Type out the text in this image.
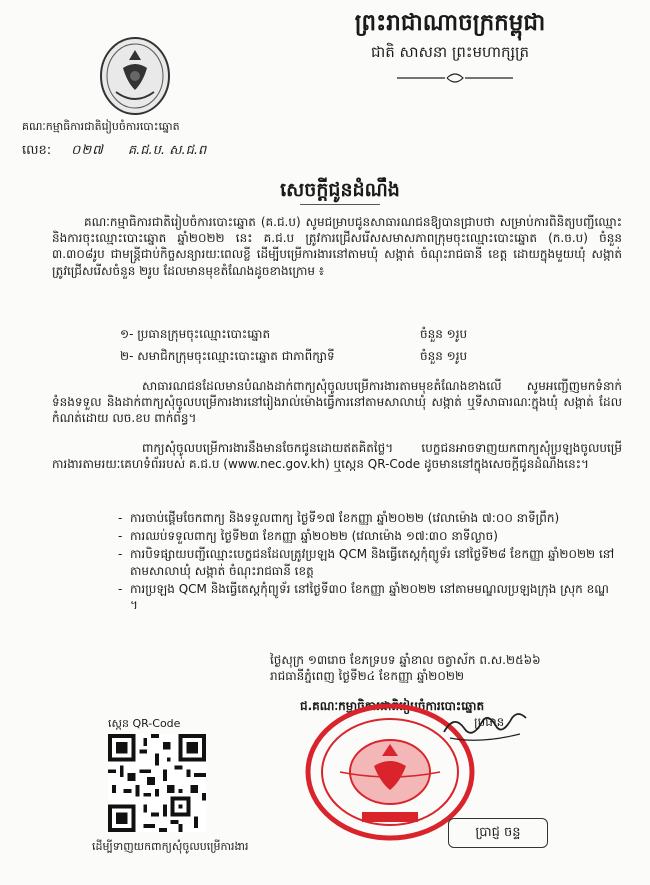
ព្រះរាជាណាចក្រកម្ពុជា
ជាតិ សាសនា ព្រះមហាក្សត្រ
គណៈកម្មាធិការជាតិរៀបចំការបោះឆ្នោត
លេខ: ០២៧ គ.ជ.ប. ស.ជ.ព
សេចក្តីជូនដំណឹង
គណៈកម្មាធិការជាតិរៀបចំការបោះឆ្នោត (គ.ជ.ប) សូមជម្រាបជូនសាធារណជនឱ្យបានជ្រាបថា សម្រាប់ការពិនិត្យបញ្ជីឈ្មោះ និងការចុះឈ្មោះបោះឆ្នោត ឆ្នាំ២០២២ នេះ គ.ជ.ប ត្រូវការជ្រើសរើសសមាសភាពក្រុមចុះឈ្មោះបោះឆ្នោត (ក.ច.ប) ចំនួន ៣.៣០៨រូប ជាមន្ត្រីជាប់កិច្ចសន្យារយៈពេលខ្លី ដើម្បីបម្រើការងារនៅតាមឃុំ សង្កាត់ ចំណុះរាជធានី ខេត្ត ដោយក្នុងមួយឃុំ សង្កាត់ ត្រូវជ្រើសរើសចំនួន ២រូប ដែលមានមុខតំណែងដូចខាងក្រោម ៖
១- ប្រធានក្រុមចុះឈ្មោះបោះឆ្នោត	ចំនួន ១រូប
២- សមាជិកក្រុមចុះឈ្មោះបោះឆ្នោត ជាភាពីក្សាទី	ចំនួន ១រូប
សាធារណជនដែលមានបំណងដាក់ពាក្យសុំចូលបម្រើការងារតាមមុខតំណែងខាងលើ សូមអញ្ជើញមកទំនាក់ទំនងទទួល និងដាក់ពាក្យសុំចូលបម្រើការងារនៅរៀងរាល់ម៉ោងធ្វើការនៅតាមសាលាឃុំ សង្កាត់ ឬទីសាធារណៈក្នុងឃុំ សង្កាត់ ដែលកំណត់ដោយ លច.ខប ពាក់ព័ន្ធ។
ពាក្យសុំចូលបម្រើការងារនឹងមានចែកជូនដោយឥតគិតថ្លៃ។ បេក្ខជនអាចទាញយកពាក្យសុំប្រឡងចូលបម្រើការងារតាមរយៈគេហទំព័ររបស់ គ.ជ.ប (www.nec.gov.kh) ឬស្កេន QR-Code ដូចមាននៅក្នុងសេចក្តីជូនដំណឹងនេះ។
- ការចាប់ផ្តើមចែកពាក្យ និងទទួលពាក្យ ថ្ងៃទី១៧ ខែកញ្ញា ឆ្នាំ២០២២ (វេលាម៉ោង ៧:០០ នាទីព្រឹក)
- ការឈប់ទទួលពាក្យ ថ្ងៃទី២៣ ខែកញ្ញា ឆ្នាំ២០២២ (វេលាម៉ោង ១៧:៣០ នាទីល្ងាច)
- ការបិទផ្សាយបញ្ជីឈ្មោះបេក្ខជនដែលត្រូវប្រឡង QCM និងធ្វើតេស្តកុំព្យូទ័រ នៅថ្ងៃទី២៨ ខែកញ្ញា ឆ្នាំ២០២២ នៅតាមសាលាឃុំ សង្កាត់ ចំណុះរាជធានី ខេត្ត
- ការប្រឡង QCM និងធ្វើតេស្តកុំព្យូទ័រ នៅថ្ងៃទី៣០ ខែកញ្ញា ឆ្នាំ២០២២ នៅតាមមណ្ឌលប្រឡងក្រុង ស្រុក ខណ្ឌ ។
ថ្ងៃសុក្រ ១៣រោច ខែភទ្របទ ឆ្នាំខាល ចត្វាស័ក ព.ស.២៥៦៦
រាជធានីភ្នំពេញ ថ្ងៃទី២៤ ខែកញ្ញា ឆ្នាំ២០២២
ជ.គណៈកម្មាធិការជាតិរៀបចំការបោះឆ្នោត
ប្រធាន
ប្រាជ្ញ ចន្ទ
ស្កេន QR-Code
ដើម្បីទាញយកពាក្យសុំចូលបម្រើការងារ
